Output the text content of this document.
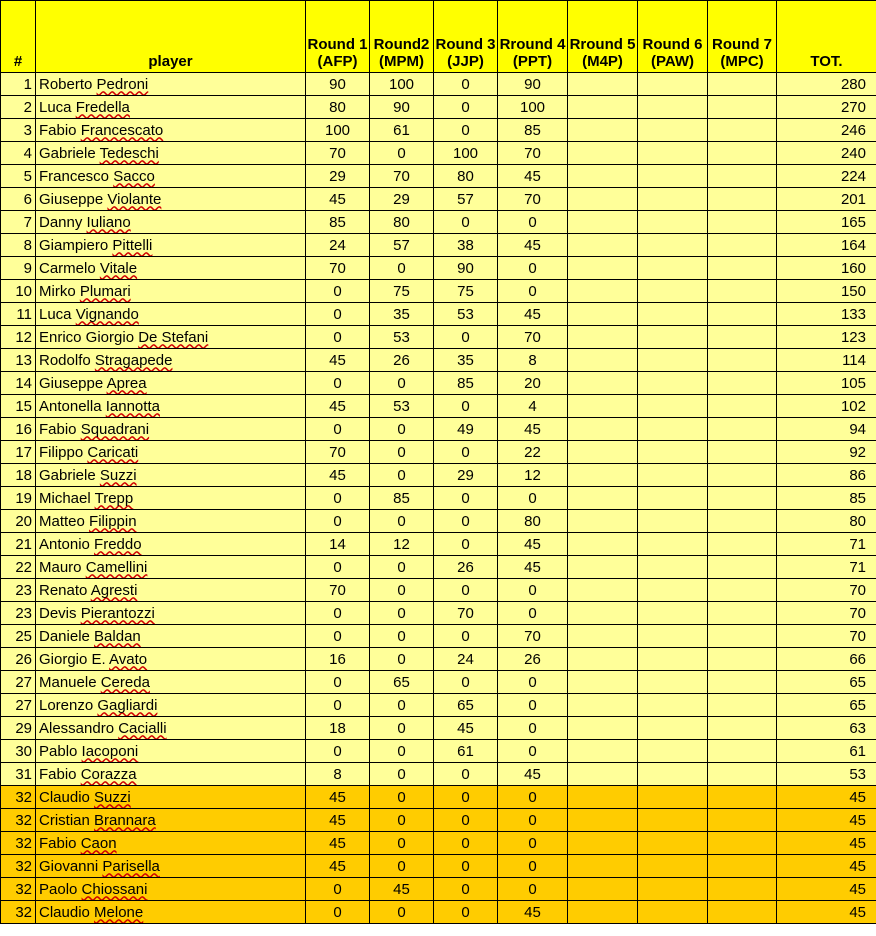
#	player	Round 1 (AFP)	Round2 (MPM)	Round 3 (JJP)	Rround 4 (PPT)	Rround 5 (M4P)	Round 6 (PAW)	Round 7 (MPC)	TOT.
1	Roberto Pedroni	90	100	0	90				280
2	Luca Fredella	80	90	0	100				270
3	Fabio Francescato	100	61	0	85				246
4	Gabriele Tedeschi	70	0	100	70				240
5	Francesco Sacco	29	70	80	45				224
6	Giuseppe Violante	45	29	57	70				201
7	Danny Iuliano	85	80	0	0				165
8	Giampiero Pittelli	24	57	38	45				164
9	Carmelo Vitale	70	0	90	0				160
10	Mirko Plumari	0	75	75	0				150
11	Luca Vignando	0	35	53	45				133
12	Enrico Giorgio De Stefani	0	53	0	70				123
13	Rodolfo Stragapede	45	26	35	8				114
14	Giuseppe Aprea	0	0	85	20				105
15	Antonella Iannotta	45	53	0	4				102
16	Fabio Squadrani	0	0	49	45				94
17	Filippo Caricati	70	0	0	22				92
18	Gabriele Suzzi	45	0	29	12				86
19	Michael Trepp	0	85	0	0				85
20	Matteo Filippin	0	0	0	80				80
21	Antonio Freddo	14	12	0	45				71
22	Mauro Camellini	0	0	26	45				71
23	Renato Agresti	70	0	0	0				70
23	Devis Pierantozzi	0	0	70	0				70
25	Daniele Baldan	0	0	0	70				70
26	Giorgio E. Avato	16	0	24	26				66
27	Manuele Cereda	0	65	0	0				65
27	Lorenzo Gagliardi	0	0	65	0				65
29	Alessandro Cacialli	18	0	45	0				63
30	Pablo Iacoponi	0	0	61	0				61
31	Fabio Corazza	8	0	0	45				53
32	Claudio Suzzi	45	0	0	0				45
32	Cristian Brannara	45	0	0	0				45
32	Fabio Caon	45	0	0	0				45
32	Giovanni Parisella	45	0	0	0				45
32	Paolo Chiossani	0	45	0	0				45
32	Claudio Melone	0	0	0	45				45
